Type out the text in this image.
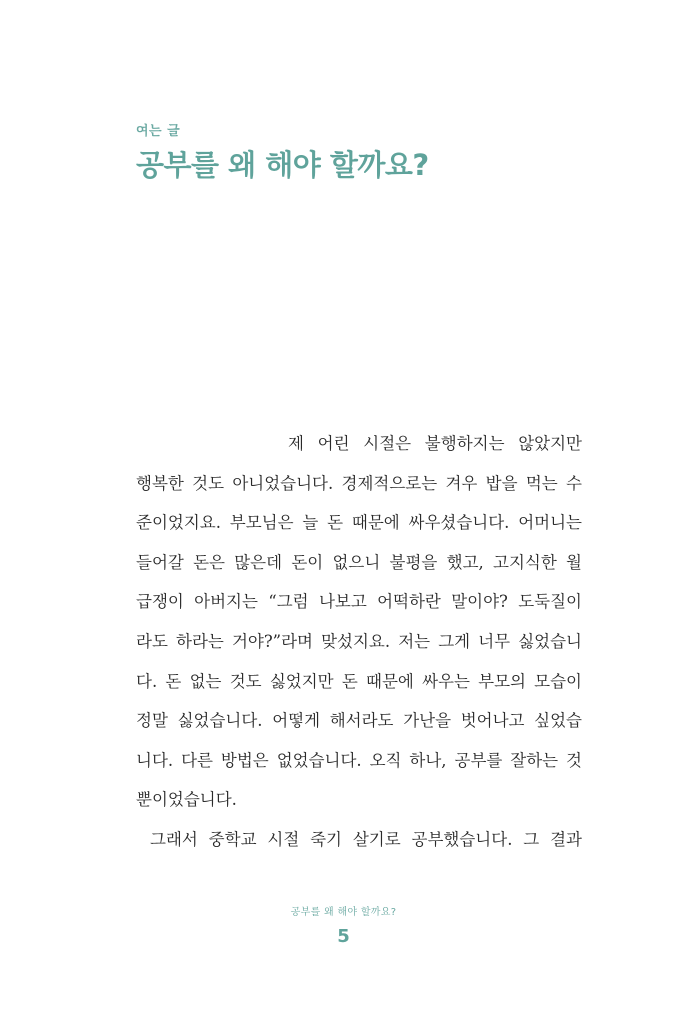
여는 글
공부를 왜 해야 할까요?
제 어린 시절은 불행하지는 않았지만
행복한 것도 아니었습니다. 경제적으로는 겨우 밥을 먹는 수
준이었지요. 부모님은 늘 돈 때문에 싸우셨습니다. 어머니는
들어갈 돈은 많은데 돈이 없으니 불평을 했고, 고지식한 월
급쟁이 아버지는 “그럼 나보고 어떡하란 말이야? 도둑질이
라도 하라는 거야?”라며 맞섰지요. 저는 그게 너무 싫었습니
다. 돈 없는 것도 싫었지만 돈 때문에 싸우는 부모의 모습이
정말 싫었습니다. 어떻게 해서라도 가난을 벗어나고 싶었습
니다. 다른 방법은 없었습니다. 오직 하나, 공부를 잘하는 것
뿐이었습니다.
그래서 중학교 시절 죽기 살기로 공부했습니다. 그 결과
공부를 왜 해야 할까요?
5
